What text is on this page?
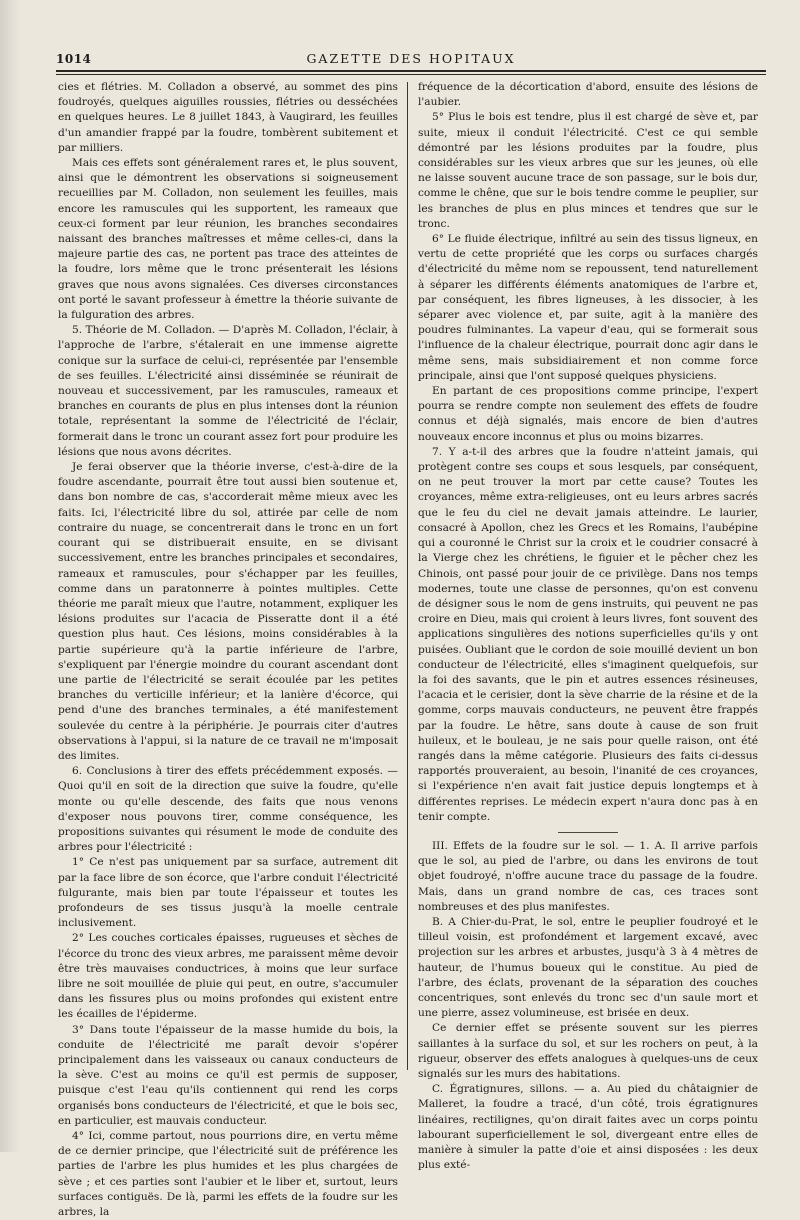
1014	GAZETTE DES HOPITAUX

cies et flétries. M. Colladon a observé, au sommet des pins foudroyés, quelques aiguilles roussies, flétries ou desséchées en quelques heures. Le 8 juillet 1843, à Vaugirard, les feuilles d'un amandier frappé par la foudre, tombèrent subitement et par milliers.

Mais ces effets sont généralement rares et, le plus souvent, ainsi que le démontrent les observations si soigneusement recueillies par M. Colladon, non seulement les feuilles, mais encore les ramuscules qui les supportent, les rameaux que ceux-ci forment par leur réunion, les branches secondaires naissant des branches maîtresses et même celles-ci, dans la majeure partie des cas, ne portent pas trace des atteintes de la foudre, lors même que le tronc présenterait les lésions graves que nous avons signalées. Ces diverses circonstances ont porté le savant professeur à émettre la théorie suivante de la fulguration des arbres.

5. Théorie de M. Colladon. — D'après M. Colladon, l'éclair, à l'approche de l'arbre, s'étalerait en une immense aigrette conique sur la surface de celui-ci, représentée par l'ensemble de ses feuilles. L'électricité ainsi disséminée se réunirait de nouveau et successivement, par les ramuscules, rameaux et branches en courants de plus en plus intenses dont la réunion totale, représentant la somme de l'électricité de l'éclair, formerait dans le tronc un courant assez fort pour produire les lésions que nous avons décrites.

Je ferai observer que la théorie inverse, c'est-à-dire de la foudre ascendante, pourrait être tout aussi bien soutenue et, dans bon nombre de cas, s'accorderait même mieux avec les faits. Ici, l'électricité libre du sol, attirée par celle de nom contraire du nuage, se concentrerait dans le tronc en un fort courant qui se distribuerait ensuite, en se divisant successivement, entre les branches principales et secondaires, rameaux et ramuscules, pour s'échapper par les feuilles, comme dans un paratonnerre à pointes multiples. Cette théorie me paraît mieux que l'autre, notamment, expliquer les lésions produites sur l'acacia de Pisseratte dont il a été question plus haut. Ces lésions, moins considérables à la partie supérieure qu'à la partie inférieure de l'arbre, s'expliquent par l'énergie moindre du courant ascendant dont une partie de l'électricité se serait écoulée par les petites branches du verticille inférieur; et la lanière d'écorce, qui pend d'une des branches terminales, a été manifestement soulevée du centre à la périphérie. Je pourrais citer d'autres observations à l'appui, si la nature de ce travail ne m'imposait des limites.

6. Conclusions à tirer des effets précédemment exposés. — Quoi qu'il en soit de la direction que suive la foudre, qu'elle monte ou qu'elle descende, des faits que nous venons d'exposer nous pouvons tirer, comme conséquence, les propositions suivantes qui résument le mode de conduite des arbres pour l'électricité :

1° Ce n'est pas uniquement par sa surface, autrement dit par la face libre de son écorce, que l'arbre conduit l'électricité fulgurante, mais bien par toute l'épaisseur et toutes les profondeurs de ses tissus jusqu'à la moelle centrale inclusivement.

2° Les couches corticales épaisses, rugueuses et sèches de l'écorce du tronc des vieux arbres, me paraissent même devoir être très mauvaises conductrices, à moins que leur surface libre ne soit mouillée de pluie qui peut, en outre, s'accumuler dans les fissures plus ou moins profondes qui existent entre les écailles de l'épiderme.

3° Dans toute l'épaisseur de la masse humide du bois, la conduite de l'électricité me paraît devoir s'opérer principalement dans les vaisseaux ou canaux conducteurs de la sève. C'est au moins ce qu'il est permis de supposer, puisque c'est l'eau qu'ils contiennent qui rend les corps organisés bons conducteurs de l'électricité, et que le bois sec, en particulier, est mauvais conducteur.

4° Ici, comme partout, nous pourrions dire, en vertu même de ce dernier principe, que l'électricité suit de préférence les parties de l'arbre les plus humides et les plus chargées de sève ; et ces parties sont l'aubier et le liber et, surtout, leurs surfaces contiguës. De là, parmi les effets de la foudre sur les arbres, la

fréquence de la décortication d'abord, ensuite des lésions de l'aubier.

5° Plus le bois est tendre, plus il est chargé de sève et, par suite, mieux il conduit l'électricité. C'est ce qui semble démontré par les lésions produites par la foudre, plus considérables sur les vieux arbres que sur les jeunes, où elle ne laisse souvent aucune trace de son passage, sur le bois dur, comme le chêne, que sur le bois tendre comme le peuplier, sur les branches de plus en plus minces et tendres que sur le tronc.

6° Le fluide électrique, infiltré au sein des tissus ligneux, en vertu de cette propriété que les corps ou surfaces chargés d'électricité du même nom se repoussent, tend naturellement à séparer les différents éléments anatomiques de l'arbre et, par conséquent, les fibres ligneuses, à les dissocier, à les séparer avec violence et, par suite, agit à la manière des poudres fulminantes. La vapeur d'eau, qui se formerait sous l'influence de la chaleur électrique, pourrait donc agir dans le même sens, mais subsidiairement et non comme force principale, ainsi que l'ont supposé quelques physiciens.

En partant de ces propositions comme principe, l'expert pourra se rendre compte non seulement des effets de foudre connus et déjà signalés, mais encore de bien d'autres nouveaux encore inconnus et plus ou moins bizarres.

7. Y a-t-il des arbres que la foudre n'atteint jamais, qui protègent contre ses coups et sous lesquels, par conséquent, on ne peut trouver la mort par cette cause? Toutes les croyances, même extra-religieuses, ont eu leurs arbres sacrés que le feu du ciel ne devait jamais atteindre. Le laurier, consacré à Apollon, chez les Grecs et les Romains, l'aubépine qui a couronné le Christ sur la croix et le coudrier consacré à la Vierge chez les chrétiens, le figuier et le pêcher chez les Chinois, ont passé pour jouir de ce privilège. Dans nos temps modernes, toute une classe de personnes, qu'on est convenu de désigner sous le nom de gens instruits, qui peuvent ne pas croire en Dieu, mais qui croient à leurs livres, font souvent des applications singulières des notions superficielles qu'ils y ont puisées. Oubliant que le cordon de soie mouillé devient un bon conducteur de l'électricité, elles s'imaginent quelquefois, sur la foi des savants, que le pin et autres essences résineuses, l'acacia et le cerisier, dont la sève charrie de la résine et de la gomme, corps mauvais conducteurs, ne peuvent être frappés par la foudre. Le hêtre, sans doute à cause de son fruit huileux, et le bouleau, je ne sais pour quelle raison, ont été rangés dans la même catégorie. Plusieurs des faits ci-dessus rapportés prouveraient, au besoin, l'inanité de ces croyances, si l'expérience n'en avait fait justice depuis longtemps et à différentes reprises. Le médecin expert n'aura donc pas à en tenir compte.

III. Effets de la foudre sur le sol. — 1. A. Il arrive parfois que le sol, au pied de l'arbre, ou dans les environs de tout objet foudroyé, n'offre aucune trace du passage de la foudre. Mais, dans un grand nombre de cas, ces traces sont nombreuses et des plus manifestes.

B. A Chier-du-Prat, le sol, entre le peuplier foudroyé et le tilleul voisin, est profondément et largement excavé, avec projection sur les arbres et arbustes, jusqu'à 3 à 4 mètres de hauteur, de l'humus boueux qui le constitue. Au pied de l'arbre, des éclats, provenant de la séparation des couches concentriques, sont enlevés du tronc sec d'un saule mort et une pierre, assez volumineuse, est brisée en deux.

Ce dernier effet se présente souvent sur les pierres saillantes à la surface du sol, et sur les rochers on peut, à la rigueur, observer des effets analogues à quelques-uns de ceux signalés sur les murs des habitations.

C. Égratignures, sillons. — a. Au pied du châtaignier de Malleret, la foudre a tracé, d'un côté, trois égratignures linéaires, rectilignes, qu'on dirait faites avec un corps pointu labourant superficiellement le sol, divergeant entre elles de manière à simuler la patte d'oie et ainsi disposées : les deux plus exté-
